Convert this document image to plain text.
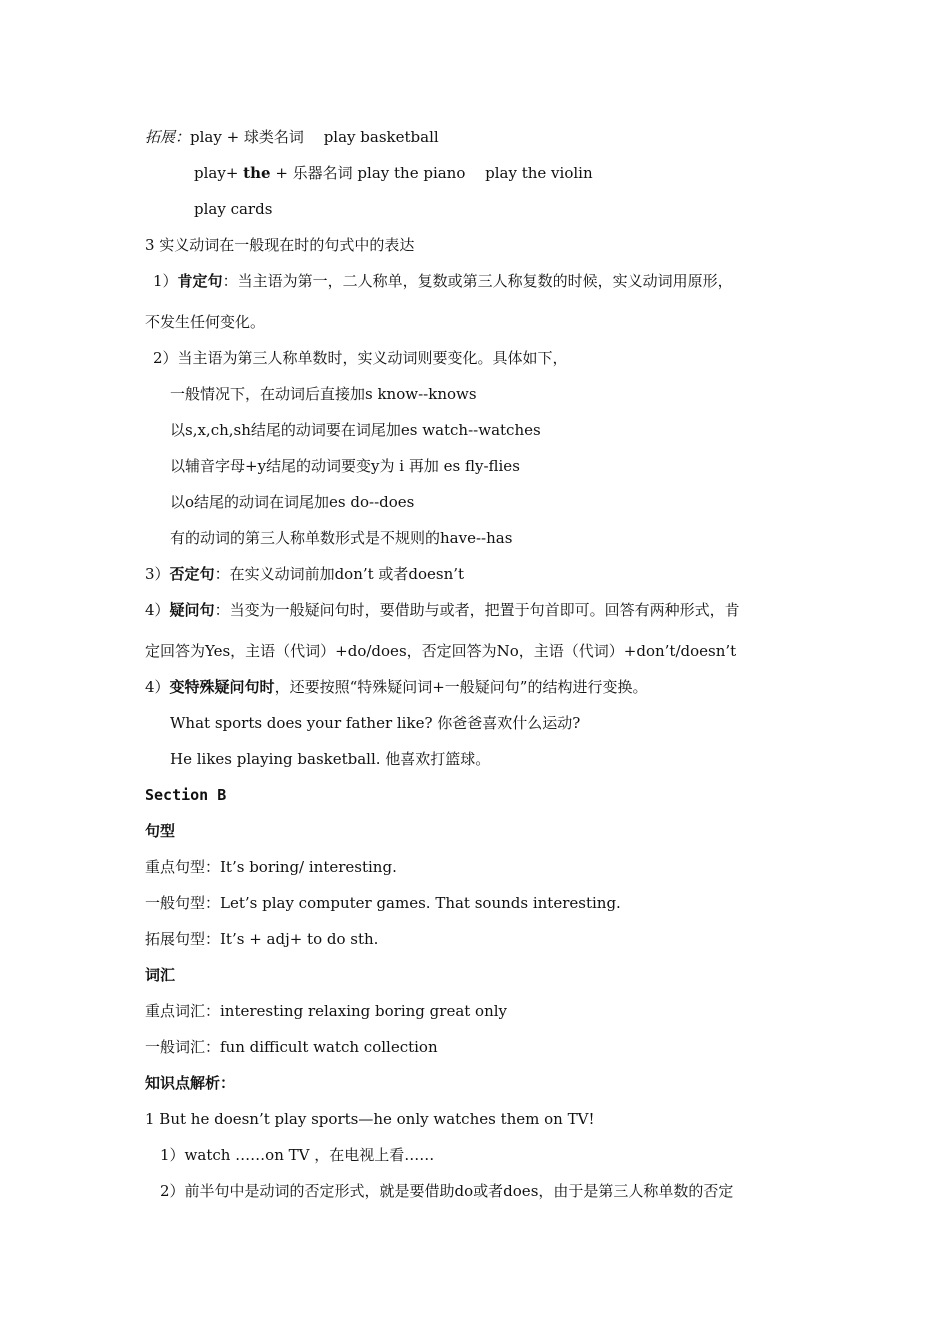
拓展：play + 球类名词　 play basketball
play+ the + 乐器名词 play the piano　 play the violin
play cards
3 实义动词在一般现在时的句式中的表达
1）肯定句：当主语为第一，二人称单，复数或第三人称复数的时候，实义动词用原形，
不发生任何变化。
2）当主语为第三人称单数时，实义动词则要变化。具体如下，
一般情况下，在动词后直接加s know--knows
以s,x,ch,sh结尾的动词要在词尾加es watch--watches
以辅音字母+y结尾的动词要变y为 i 再加 es fly-flies
以o结尾的动词在词尾加es do--does
有的动词的第三人称单数形式是不规则的have--has
3）否定句：在实义动词前加don’t 或者doesn’t
4）疑问句：当变为一般疑问句时，要借助与或者，把置于句首即可。回答有两种形式，肯
定回答为Yes，主语（代词）+do/does，否定回答为No，主语（代词）+don’t/doesn’t
4）变特殊疑问句时，还要按照“特殊疑问词+一般疑问句”的结构进行变换。
What sports does your father like? 你爸爸喜欢什么运动?
He likes playing basketball. 他喜欢打篮球。
Section B
句型
重点句型：It’s boring/ interesting.
一般句型：Let’s play computer games. That sounds interesting.
拓展句型：It’s + adj+ to do sth.
词汇
重点词汇：interesting relaxing boring great only
一般词汇：fun difficult watch collection
知识点解析：
1 But he doesn’t play sports—he only watches them on TV!
1）watch ……on TV ，在电视上看……
2）前半句中是动词的否定形式，就是要借助do或者does，由于是第三人称单数的否定
